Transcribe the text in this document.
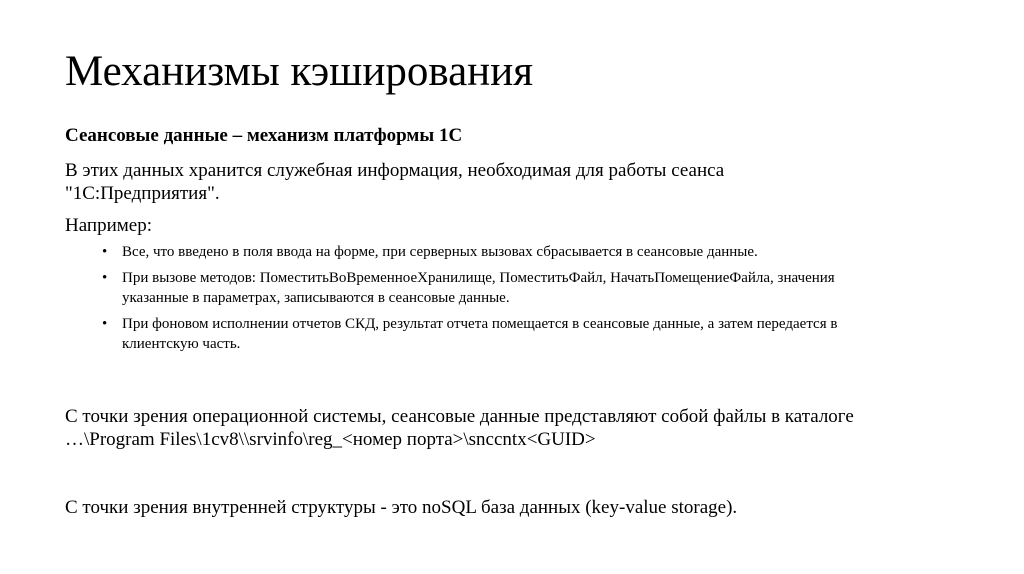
Механизмы кэширования
Сеансовые данные – механизм платформы 1С

В этих данных хранится служебная информация, необходимая для работы сеанса
"1С:Предприятия".

Например:

• Все, что введено в поля ввода на форме, при серверных вызовах сбрасывается в сеансовые данные.
• При вызове методов: ПоместитьВоВременноеХранилище, ПоместитьФайл, НачатьПомещениеФайла, значения
указанные в параметрах, записываются в сеансовые данные.
• При фоновом исполнении отчетов СКД, результат отчета помещается в сеансовые данные, а затем передается в
клиентскую часть.

С точки зрения операционной системы, сеансовые данные представляют собой файлы в каталоге
…\Program Files\1cv8\\srvinfo\reg_<номер порта>\snccntx<GUID>

С точки зрения внутренней структуры - это noSQL база данных (key-value storage).
